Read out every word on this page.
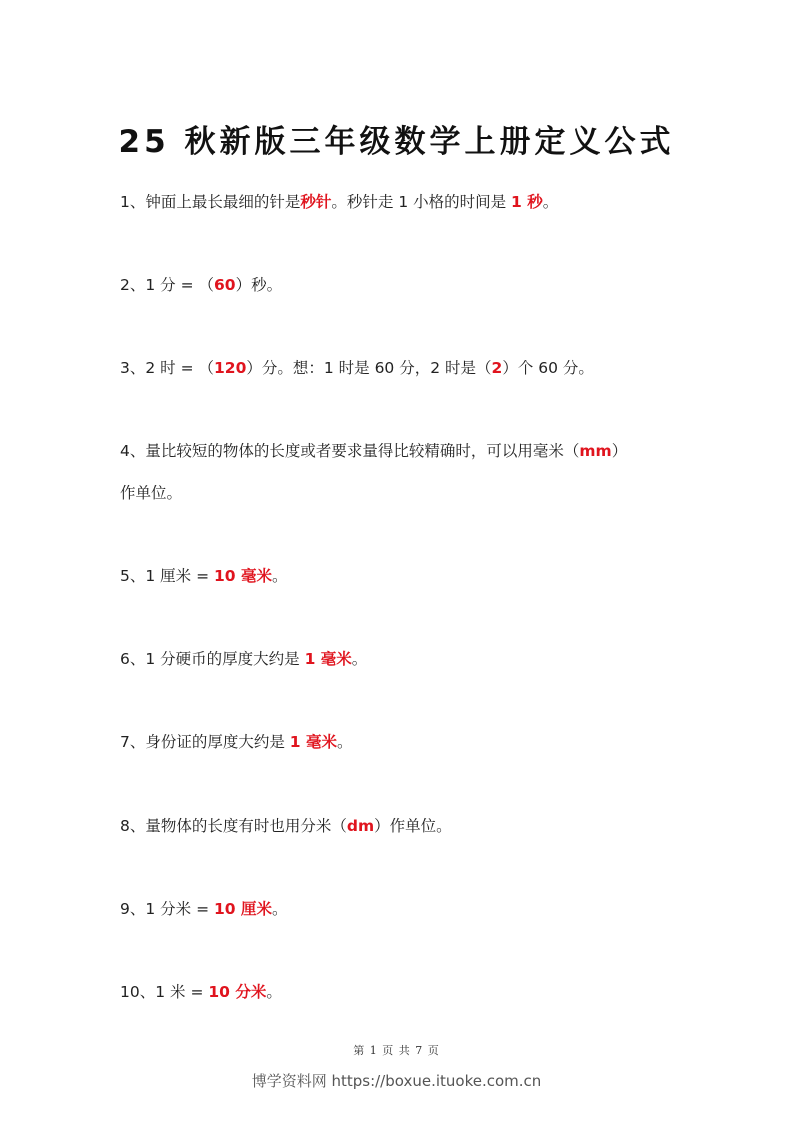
25 秋新版三年级数学上册定义公式
1、钟面上最长最细的针是秒针。秒针走 1 小格的时间是 1 秒。
2、1 分 = （60）秒。
3、2 时 = （120）分。想：1 时是 60 分，2 时是（2）个 60 分。
4、量比较短的物体的长度或者要求量得比较精确时，可以用毫米（mm）
作单位。
5、1 厘米 = 10 毫米。
6、1 分硬币的厚度大约是 1 毫米。
7、身份证的厚度大约是 1 毫米。
8、量物体的长度有时也用分米（dm）作单位。
9、1 分米 = 10 厘米。
10、1 米 = 10 分米。
第 1 页 共 7 页
博学资料网 https://boxue.ituoke.com.cn
